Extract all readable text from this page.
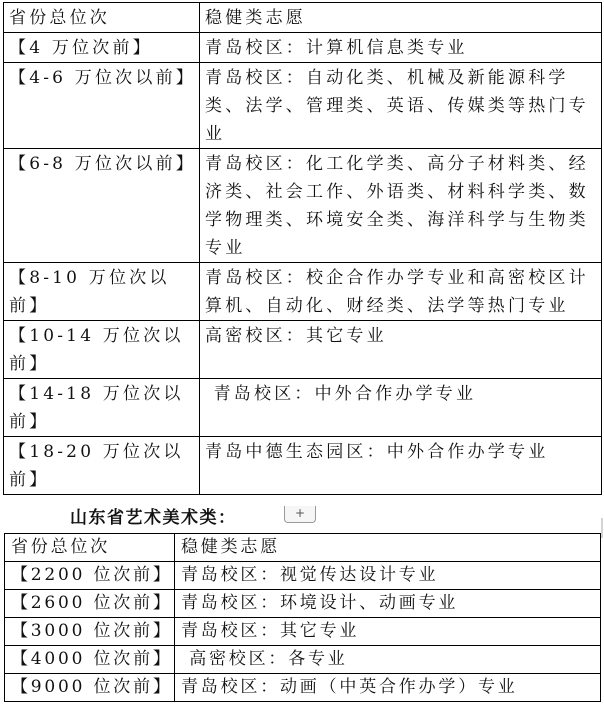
省份总位次	稳健类志愿
【4 万位次前】	青岛校区：计算机信息类专业
【4-6 万位次以前】	青岛校区：自动化类、机械及新能源科学类、法学、管理类、英语、传媒类等热门专业
【6-8 万位次以前】	青岛校区：化工化学类、高分子材料类、经济类、社会工作、外语类、材料科学类、数学物理类、环境安全类、海洋科学与生物类专业
【8-10 万位次以前】	青岛校区：校企合作办学专业和高密校区计算机、自动化、财经类、法学等热门专业
【10-14 万位次以前】	高密校区：其它专业
【14-18 万位次以前】	青岛校区：中外合作办学专业
【18-20 万位次以前】	青岛中德生态园区：中外合作办学专业
山东省艺术美术类：	+
省份总位次	稳健类志愿
【2200 位次前】	青岛校区：视觉传达设计专业
【2600 位次前】	青岛校区：环境设计、动画专业
【3000 位次前】	青岛校区：其它专业
【4000 位次前】	高密校区：各专业
【9000 位次前】	青岛校区：动画（中英合作办学）专业
